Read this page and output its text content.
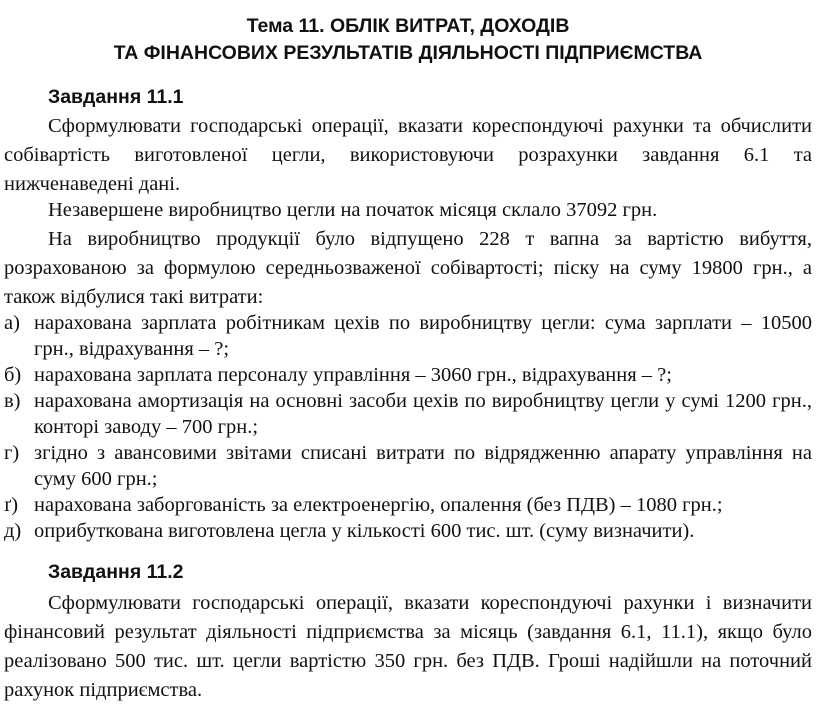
Тема 11. ОБЛІК ВИТРАТ, ДОХОДІВ
ТА ФІНАНСОВИХ РЕЗУЛЬТАТІВ ДІЯЛЬНОСТІ ПІДПРИЄМСТВА
Завдання 11.1

Сформулювати господарські операції, вказати кореспондуючі рахунки та обчислити собівартість виготовленої цегли, використовуючи розрахунки завдання 6.1 та нижченаведені дані.

Незавершене виробництво цегли на початок місяця склало 37092 грн.

На виробництво продукції було відпущено 228 т вапна за вартістю вибуття, розрахованою за формулою середньозваженої собівартості; піску на суму 19800 грн., а також відбулися такі витрати:

а) нарахована зарплата робітникам цехів по виробництву цегли: сума зарплати – 10500 грн., відрахування – ?;
б) нарахована зарплата персоналу управління – 3060 грн., відрахування – ?;
в) нарахована амортизація на основні засоби цехів по виробництву цегли у сумі 1200 грн., конторі заводу – 700 грн.;
г) згідно з авансовими звітами списані витрати по відрядженню апарату управління на суму 600 грн.;
ґ) нарахована заборгованість за електроенергію, опалення (без ПДВ) – 1080 грн.;
д) оприбуткована виготовлена цегла у кількості 600 тис. шт. (суму визначити).
Завдання 11.2

Сформулювати господарські операції, вказати кореспондуючі рахунки і визначити фінансовий результат діяльності підприємства за місяць (завдання 6.1, 11.1), якщо було реалізовано 500 тис. шт. цегли вартістю 350 грн. без ПДВ. Гроші надійшли на поточний рахунок підприємства.
